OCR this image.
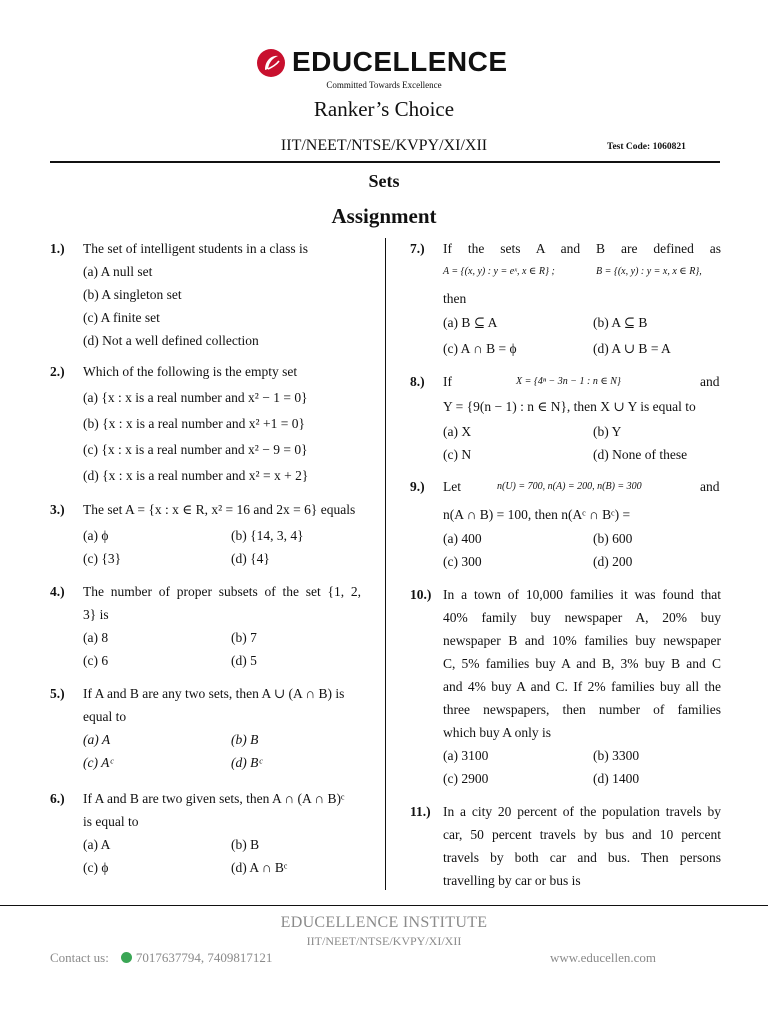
EDUCELLENCE
Committed Towards Excellence
Ranker’s Choice
IIT/NEET/NTSE/KVPY/XI/XII	Test Code: 1060821
Sets
Assignment
1.) The set of intelligent students in a class is
(a) A null set
(b) A singleton set
(c) A finite set
(d) Not a well defined collection
2.) Which of the following is the empty set
(a) {x : x is a real number and x² − 1 = 0}
(b) {x : x is a real number and x² +1 = 0}
(c) {x : x is a real number and x² − 9 = 0}
(d) {x : x is a real number and x² = x + 2}
3.) The set A = {x : x ∈ R, x² = 16 and 2x = 6} equals
(a) ϕ	(b) {14, 3, 4}
(c) {3}	(d) {4}
4.) The number of proper subsets of the set {1, 2,
3} is
(a) 8	(b) 7
(c) 6	(d) 5
5.) If A and B are any two sets, then A ∪ (A ∩ B) is
equal to
(a) A	(b) B
(c) Aᶜ	(d) Bᶜ
6.) If A and B are two given sets, then A ∩ (A ∩ B)ᶜ
is equal to
(a) A	(b) B
(c) ϕ	(d) A ∩ Bᶜ
7.) If the sets A and B are defined as
A = {(x, y) : y = eˣ, x ∈ R} ;	B = {(x, y) : y = x, x ∈ R},
then
(a) B ⊆ A	(b) A ⊆ B
(c) A ∩ B = ϕ	(d) A ∪ B = A
8.) If	X = {4ⁿ − 3n − 1 : n ∈ N}	and
Y = {9(n − 1) : n ∈ N}, then X ∪ Y is equal to
(a) X	(b) Y
(c) N	(d) None of these
9.) Let	n(U) = 700, n(A) = 200, n(B) = 300	and
n(A ∩ B) = 100, then n(Aᶜ ∩ Bᶜ) =
(a) 400	(b) 600
(c) 300	(d) 200
10.) In a town of 10,000 families it was found that
40% family buy newspaper A, 20% buy
newspaper B and 10% families buy newspaper
C, 5% families buy A and B, 3% buy B and C
and 4% buy A and C. If 2% families buy all the
three newspapers, then number of families
which buy A only is
(a) 3100	(b) 3300
(c) 2900	(d) 1400
11.) In a city 20 percent of the population travels by
car, 50 percent travels by bus and 10 percent
travels by both car and bus. Then persons
travelling by car or bus is
EDUCELLENCE INSTITUTE
IIT/NEET/NTSE/KVPY/XI/XII
Contact us: 7017637794, 7409817121	www.educellen.com
